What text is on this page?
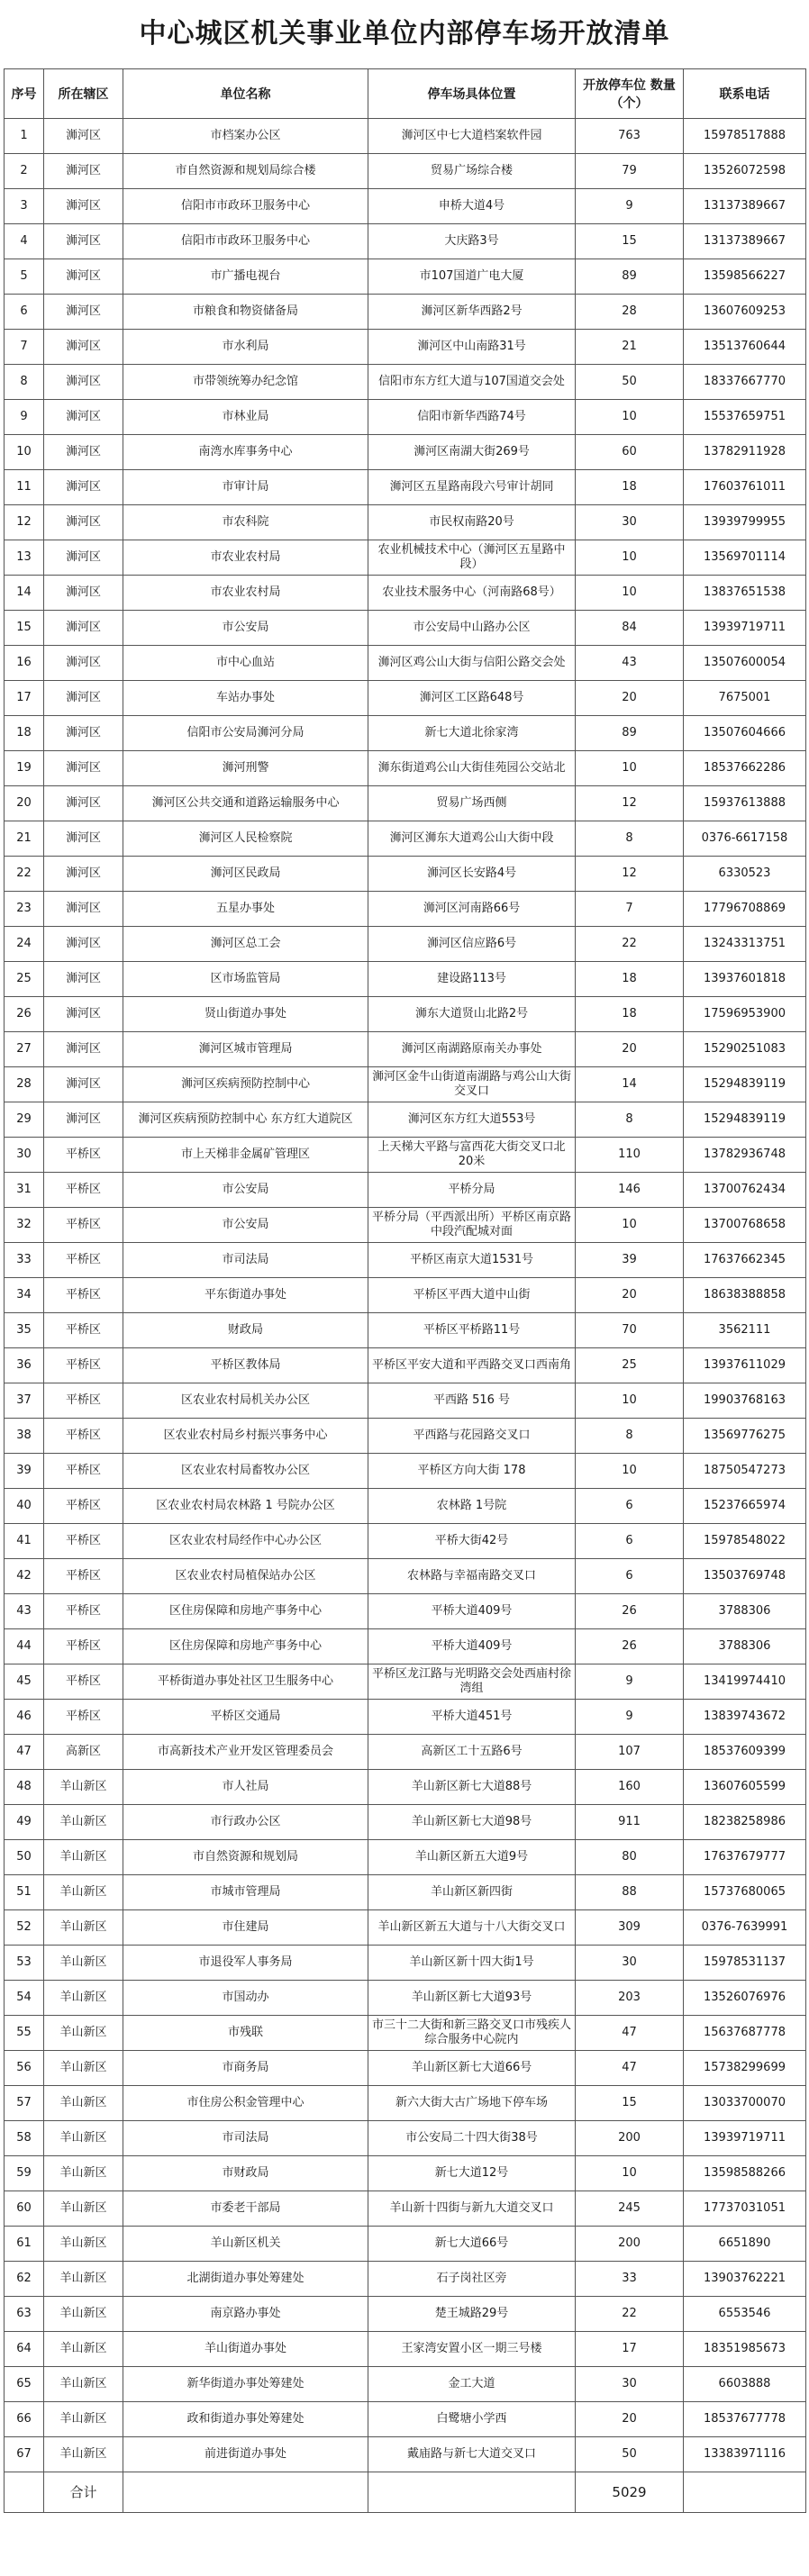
中心城区机关事业单位内部停车场开放清单
序号	所在辖区	单位名称	停车场具体位置	开放停车位 数量（个）	联系电话
1	浉河区	市档案办公区	浉河区中七大道档案软件园	763	15978517888
2	浉河区	市自然资源和规划局综合楼	贸易广场综合楼	79	13526072598
3	浉河区	信阳市市政环卫服务中心	申桥大道4号	9	13137389667
4	浉河区	信阳市市政环卫服务中心	大庆路3号	15	13137389667
5	浉河区	市广播电视台	市107国道广电大厦	89	13598566227
6	浉河区	市粮食和物资储备局	浉河区新华西路2号	28	13607609253
7	浉河区	市水利局	浉河区中山南路31号	21	13513760644
8	浉河区	市带领统筹办纪念馆	信阳市东方红大道与107国道交会处	50	18337667770
9	浉河区	市林业局	信阳市新华西路74号	10	15537659751
10	浉河区	南湾水库事务中心	浉河区南湖大街269号	60	13782911928
11	浉河区	市审计局	浉河区五星路南段六号审计胡同	18	17603761011
12	浉河区	市农科院	市民权南路20号	30	13939799955
13	浉河区	市农业农村局	农业机械技术中心（浉河区五星路中段）	10	13569701114
14	浉河区	市农业农村局	农业技术服务中心（河南路68号）	10	13837651538
15	浉河区	市公安局	市公安局中山路办公区	84	13939719711
16	浉河区	市中心血站	浉河区鸡公山大街与信阳公路交会处	43	13507600054
17	浉河区	车站办事处	浉河区工区路648号	20	7675001
18	浉河区	信阳市公安局浉河分局	新七大道北徐家湾	89	13507604666
19	浉河区	浉河刑警	浉东街道鸡公山大街佳苑园公交站北	10	18537662286
20	浉河区	浉河区公共交通和道路运输服务中心	贸易广场西侧	12	15937613888
21	浉河区	浉河区人民检察院	浉河区浉东大道鸡公山大街中段	8	0376-6617158
22	浉河区	浉河区民政局	浉河区长安路4号	12	6330523
23	浉河区	五星办事处	浉河区河南路66号	7	17796708869
24	浉河区	浉河区总工会	浉河区信应路6号	22	13243313751
25	浉河区	区市场监管局	建设路113号	18	13937601818
26	浉河区	贤山街道办事处	浉东大道贤山北路2号	18	17596953900
27	浉河区	浉河区城市管理局	浉河区南湖路原南关办事处	20	15290251083
28	浉河区	浉河区疾病预防控制中心	浉河区金牛山街道南湖路与鸡公山大街交叉口	14	15294839119
29	浉河区	浉河区疾病预防控制中心 东方红大道院区	浉河区东方红大道553号	8	15294839119
30	平桥区	市上天梯非金属矿管理区	上天梯大平路与富西花大街交叉口北20米	110	13782936748
31	平桥区	市公安局	平桥分局	146	13700762434
32	平桥区	市公安局	平桥分局（平西派出所）平桥区南京路中段汽配城对面	10	13700768658
33	平桥区	市司法局	平桥区南京大道1531号	39	17637662345
34	平桥区	平东街道办事处	平桥区平西大道中山街	20	18638388858
35	平桥区	财政局	平桥区平桥路11号	70	3562111
36	平桥区	平桥区教体局	平桥区平安大道和平西路交叉口西南角	25	13937611029
37	平桥区	区农业农村局机关办公区	平西路 516 号	10	19903768163
38	平桥区	区农业农村局乡村振兴事务中心	平西路与花园路交叉口	8	13569776275
39	平桥区	区农业农村局畜牧办公区	平桥区方向大街 178	10	18750547273
40	平桥区	区农业农村局农林路 1 号院办公区	农林路 1号院	6	15237665974
41	平桥区	区农业农村局经作中心办公区	平桥大街42号	6	15978548022
42	平桥区	区农业农村局植保站办公区	农林路与幸福南路交叉口	6	13503769748
43	平桥区	区住房保障和房地产事务中心	平桥大道409号	26	3788306
44	平桥区	区住房保障和房地产事务中心	平桥大道409号	26	3788306
45	平桥区	平桥街道办事处社区卫生服务中心	平桥区龙江路与光明路交会处西庙村徐湾组	9	13419974410
46	平桥区	平桥区交通局	平桥大道451号	9	13839743672
47	高新区	市高新技术产业开发区管理委员会	高新区工十五路6号	107	18537609399
48	羊山新区	市人社局	羊山新区新七大道88号	160	13607605599
49	羊山新区	市行政办公区	羊山新区新七大道98号	911	18238258986
50	羊山新区	市自然资源和规划局	羊山新区新五大道9号	80	17637679777
51	羊山新区	市城市管理局	羊山新区新四街	88	15737680065
52	羊山新区	市住建局	羊山新区新五大道与十八大街交叉口	309	0376-7639991
53	羊山新区	市退役军人事务局	羊山新区新十四大街1号	30	15978531137
54	羊山新区	市国动办	羊山新区新七大道93号	203	13526076976
55	羊山新区	市残联	市三十二大街和新三路交叉口市残疾人综合服务中心院内	47	15637687778
56	羊山新区	市商务局	羊山新区新七大道66号	47	15738299699
57	羊山新区	市住房公积金管理中心	新六大街大古广场地下停车场	15	13033700070
58	羊山新区	市司法局	市公安局二十四大街38号	200	13939719711
59	羊山新区	市财政局	新七大道12号	10	13598588266
60	羊山新区	市委老干部局	羊山新十四街与新九大道交叉口	245	17737031051
61	羊山新区	羊山新区机关	新七大道66号	200	6651890
62	羊山新区	北湖街道办事处筹建处	石子岗社区旁	33	13903762221
63	羊山新区	南京路办事处	楚王城路29号	22	6553546
64	羊山新区	羊山街道办事处	王家湾安置小区一期三号楼	17	18351985673
65	羊山新区	新华街道办事处筹建处	金工大道	30	6603888
66	羊山新区	政和街道办事处筹建处	白鹭塘小学西	20	18537677778
67	羊山新区	前进街道办事处	戴庙路与新七大道交叉口	50	13383971116
	合计			5029	
